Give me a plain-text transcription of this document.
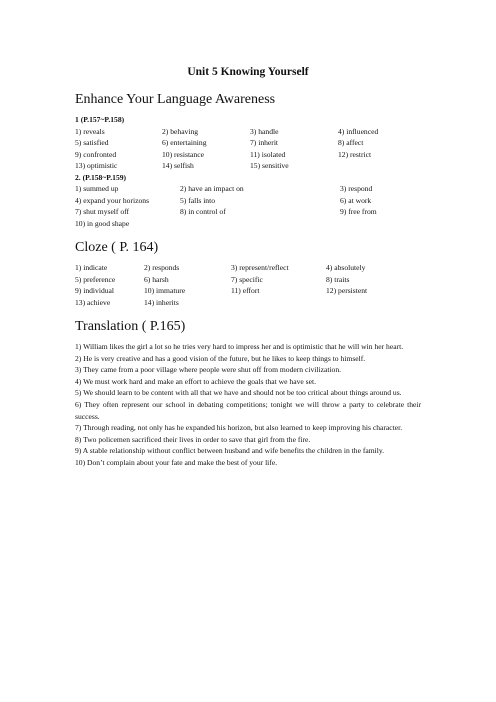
Unit 5 Knowing Yourself
Enhance Your Language Awareness
1 (P.157~P.158)
1) reveals	2) behaving	3) handle	4) influenced
5) satisfied	6) entertaining	7) inherit	8) affect
9) confronted	10) resistance	11) isolated	12) restrict
13) optimistic	14) selfish	15) sensitive
2. (P.158~P.159)
1) summed up	2) have an impact on	3) respond
4) expand your horizons	5) falls into	6) at work
7) shut myself off	8) in control of	9) free from
10) in good shape
Cloze ( P. 164)
1) indicate	2) responds	3) represent/reflect	4) absolutely
5) preference	6) harsh	7) specific	8) traits
9) individual	10) immature	11) effort	12) persistent
13) achieve	14) inherits
Translation ( P.165)

1) William likes the girl a lot so he tries very hard to impress her and is optimistic that he will win her heart.

2) He is very creative and has a good vision of the future, but he likes to keep things to himself.

3) They came from a poor village where people were shut off from modern civilization.

4) We must work hard and make an effort to achieve the goals that we have set.

5) We should learn to be content with all that we have and should not be too critical about things around us.

6) They often represent our school in debating competitions; tonight we will throw a party to celebrate their success.

7) Through reading, not only has he expanded his horizon, but also learned to keep improving his character.

8) Two policemen sacrificed their lives in order to save that girl from the fire.

9) A stable relationship without conflict between husband and wife benefits the children in the family.

10) Don’t complain about your fate and make the best of your life.
